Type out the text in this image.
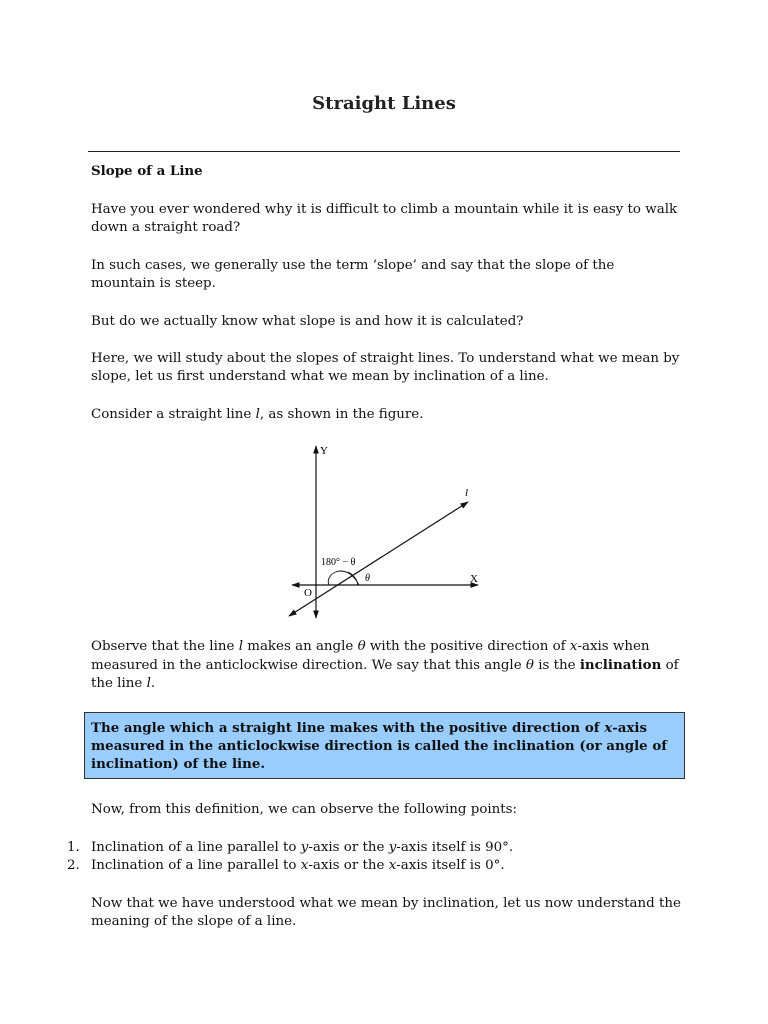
Straight Lines

Slope of a Line

Have you ever wondered why it is difficult to climb a mountain while it is easy to walk down a straight road?

In such cases, we generally use the term ‘slope’ and say that the slope of the mountain is steep.

But do we actually know what slope is and how it is calculated?

Here, we will study about the slopes of straight lines. To understand what we mean by slope, let us first understand what we mean by inclination of a line.

Consider a straight line l, as shown in the figure.

Y
X
O
l
180° − θ
θ

Observe that the line l makes an angle θ with the positive direction of x-axis when measured in the anticlockwise direction. We say that this angle θ is the inclination of the line l.

The angle which a straight line makes with the positive direction of x-axis measured in the anticlockwise direction is called the inclination (or angle of inclination) of the line.

Now, from this definition, we can observe the following points:

1. Inclination of a line parallel to y-axis or the y-axis itself is 90°.
2. Inclination of a line parallel to x-axis or the x-axis itself is 0°.

Now that we have understood what we mean by inclination, let us now understand the meaning of the slope of a line.
